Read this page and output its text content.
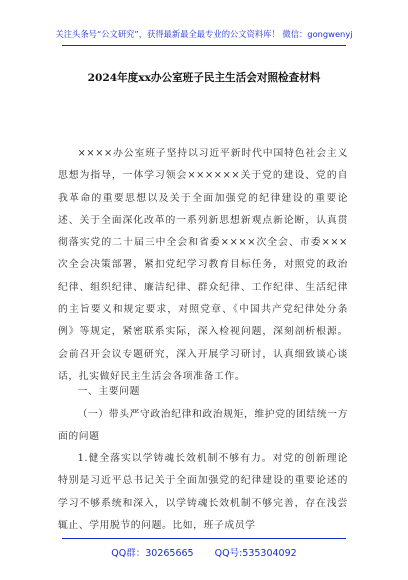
关注头条号“公文研究”，获得最新最全最专业的公文资料库！ 微信：gongwenyj
2024年度xx办公室班子民主生活会对照检查材料

××××办公室班子坚持以习近平新时代中国特色社会主义思想为指导，一体学习领会××××××关于党的建设、党的自我革命的重要思想以及关于全面加强党的纪律建设的重要论述、关于全面深化改革的一系列新思想新观点新论断，认真贯彻落实党的二十届三中全会和省委××××次全会、市委×××次全会决策部署，紧扣党纪学习教育目标任务，对照党的政治纪律、组织纪律、廉洁纪律、群众纪律、工作纪律、生活纪律的主旨要义和规定要求，对照党章、《中国共产党纪律处分条例》等规定，紧密联系实际，深入检视问题，深刻剖析根源。会前召开会议专题研究，深入开展学习研讨，认真细致谈心谈话，扎实做好民主生活会各项准备工作。

一、主要问题

（一）带头严守政治纪律和政治规矩，维护党的团结统一方面的问题

1.健全落实以学铸魂长效机制不够有力。对党的创新理论特别是习近平总书记关于全面加强党的纪律建设的重要论述的学习不够系统和深入，以学铸魂长效机制不够完善，存在浅尝辄止、学用脱节的问题。比如，班子成员学

QQ群：30265665 QQ号:535304092
